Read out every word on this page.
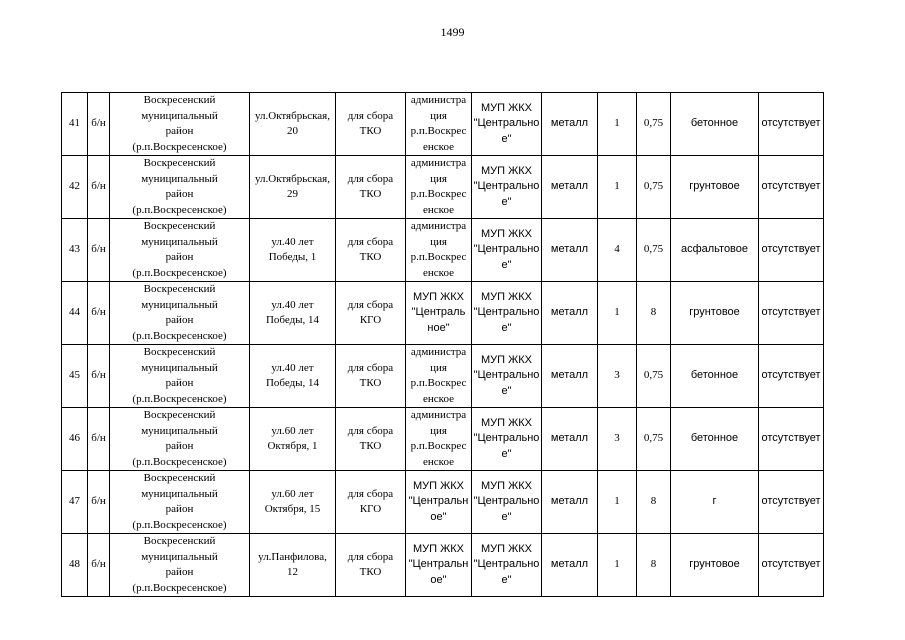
1499
41	б/н	Воскресенский
муниципальный
район
(р.п.Воскресенское)	ул.Октябрьская,
20	для сбора
ТКО	администра
ция
р.п.Воскрес
енское	МУП ЖКХ
"Центрально
e"	металл	1	0,75	бетонное	отсутствует
42	б/н	Воскресенский
муниципальный
район
(р.п.Воскресенское)	ул.Октябрьская,
29	для сбора
ТКО	администра
ция
р.п.Воскрес
енское	МУП ЖКХ
"Центрально
e"	металл	1	0,75	грунтовое	отсутствует
43	б/н	Воскресенский
муниципальный
район
(р.п.Воскресенское)	ул.40 лет
Победы, 1	для сбора
ТКО	администра
ция
р.п.Воскрес
енское	МУП ЖКХ
"Центрально
e"	металл	4	0,75	асфальтовое	отсутствует
44	б/н	Воскресенский
муниципальный
район
(р.п.Воскресенское)	ул.40 лет
Победы, 14	для сбора
КГО	МУП ЖКХ
"Централь
ное"	МУП ЖКХ
"Центрально
e"	металл	1	8	грунтовое	отсутствует
45	б/н	Воскресенский
муниципальный
район
(р.п.Воскресенское)	ул.40 лет
Победы, 14	для сбора
ТКО	администра
ция
р.п.Воскрес
енское	МУП ЖКХ
"Центрально
e"	металл	3	0,75	бетонное	отсутствует
46	б/н	Воскресенский
муниципальный
район
(р.п.Воскресенское)	ул.60 лет
Октября, 1	для сбора
ТКО	администра
ция
р.п.Воскрес
енское	МУП ЖКХ
"Центрально
e"	металл	3	0,75	бетонное	отсутствует
47	б/н	Воскресенский
муниципальный
район
(р.п.Воскресенское)	ул.60 лет
Октября, 15	для сбора
КГО	МУП ЖКХ
"Центральн
oe"	МУП ЖКХ
"Центрально
e"	металл	1	8	г	отсутствует
48	б/н	Воскресенский
муниципальный
район
(р.п.Воскресенское)	ул.Панфилова,
12	для сбора
ТКО	МУП ЖКХ
"Центральн
oe"	МУП ЖКХ
"Центрально
e"	металл	1	8	грунтовое	отсутствует
